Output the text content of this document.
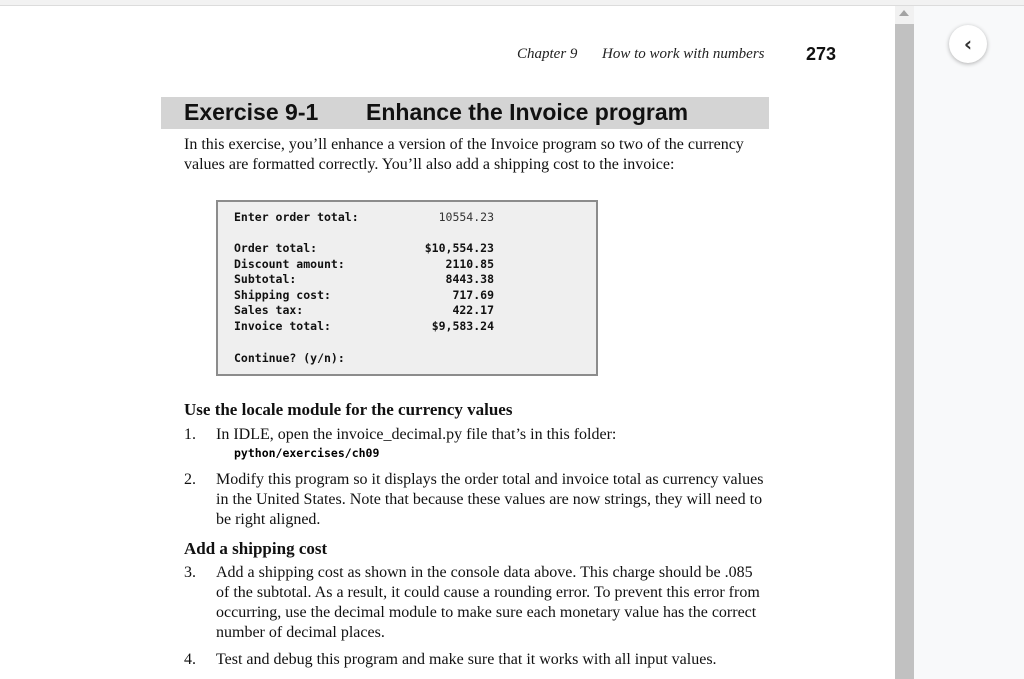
‹
Chapter 9 How to work with numbers 273
Exercise 9-1 Enhance the Invoice program
In this exercise, you’ll enhance a version of the Invoice program so two of the currency values are formatted correctly. You’ll also add a shipping cost to the invoice:
Enter order total:	10554.23
Order total:	$10,554.23
Discount amount:	2110.85
Subtotal:	8443.38
Shipping cost:	717.69
Sales tax:	422.17
Invoice total:	$9,583.24
Continue? (y/n):
Use the locale module for the currency values
1. In IDLE, open the invoice_decimal.py file that’s in this folder:
python/exercises/ch09
2. Modify this program so it displays the order total and invoice total as currency values in the United States. Note that because these values are now strings, they will need to be right aligned.
Add a shipping cost
3. Add a shipping cost as shown in the console data above. This charge should be .085 of the subtotal. As a result, it could cause a rounding error. To prevent this error from occurring, use the decimal module to make sure each monetary value has the correct number of decimal places.
4. Test and debug this program and make sure that it works with all input values.
